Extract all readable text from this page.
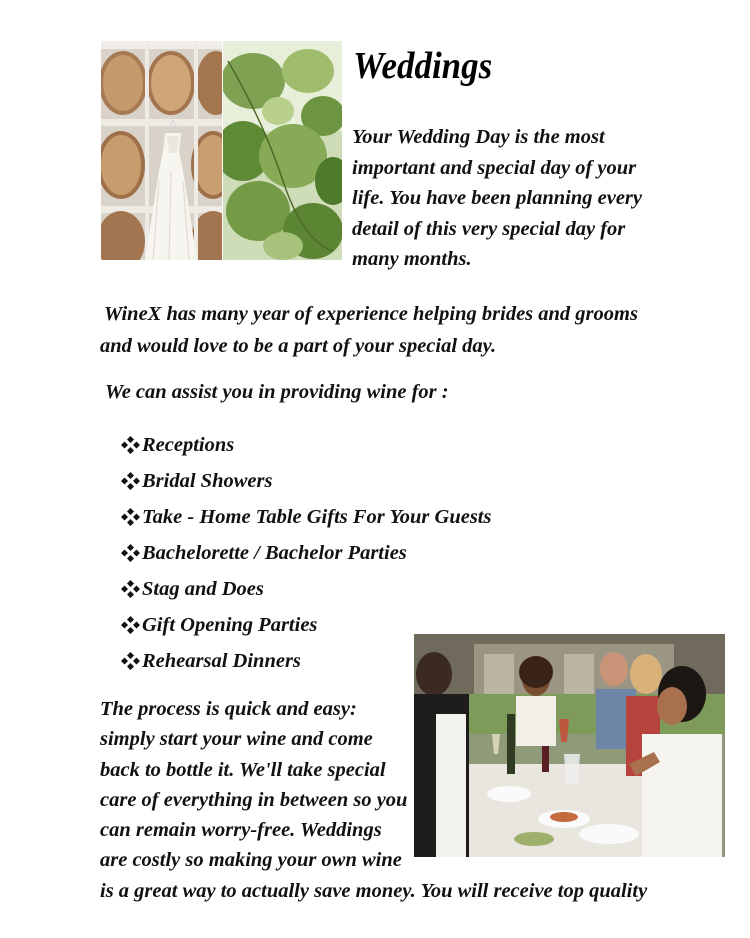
Weddings
Your Wedding Day is the most
important and special day of your
life. You have been planning every
detail of this very special day for
many months.
WineX has many year of experience helping brides and grooms
and would love to be a part of your special day.
We can assist you in providing wine for :
Receptions
Bridal Showers
Take - Home Table Gifts For Your Guests
Bachelorette / Bachelor Parties
Stag and Does
Gift Opening Parties
Rehearsal Dinners
The process is quick and easy:
simply start your wine and come
back to bottle it. We'll take special
care of everything in between so you
can remain worry-free. Weddings
are costly so making your own wine
is a great way to actually save money. You will receive top quality
